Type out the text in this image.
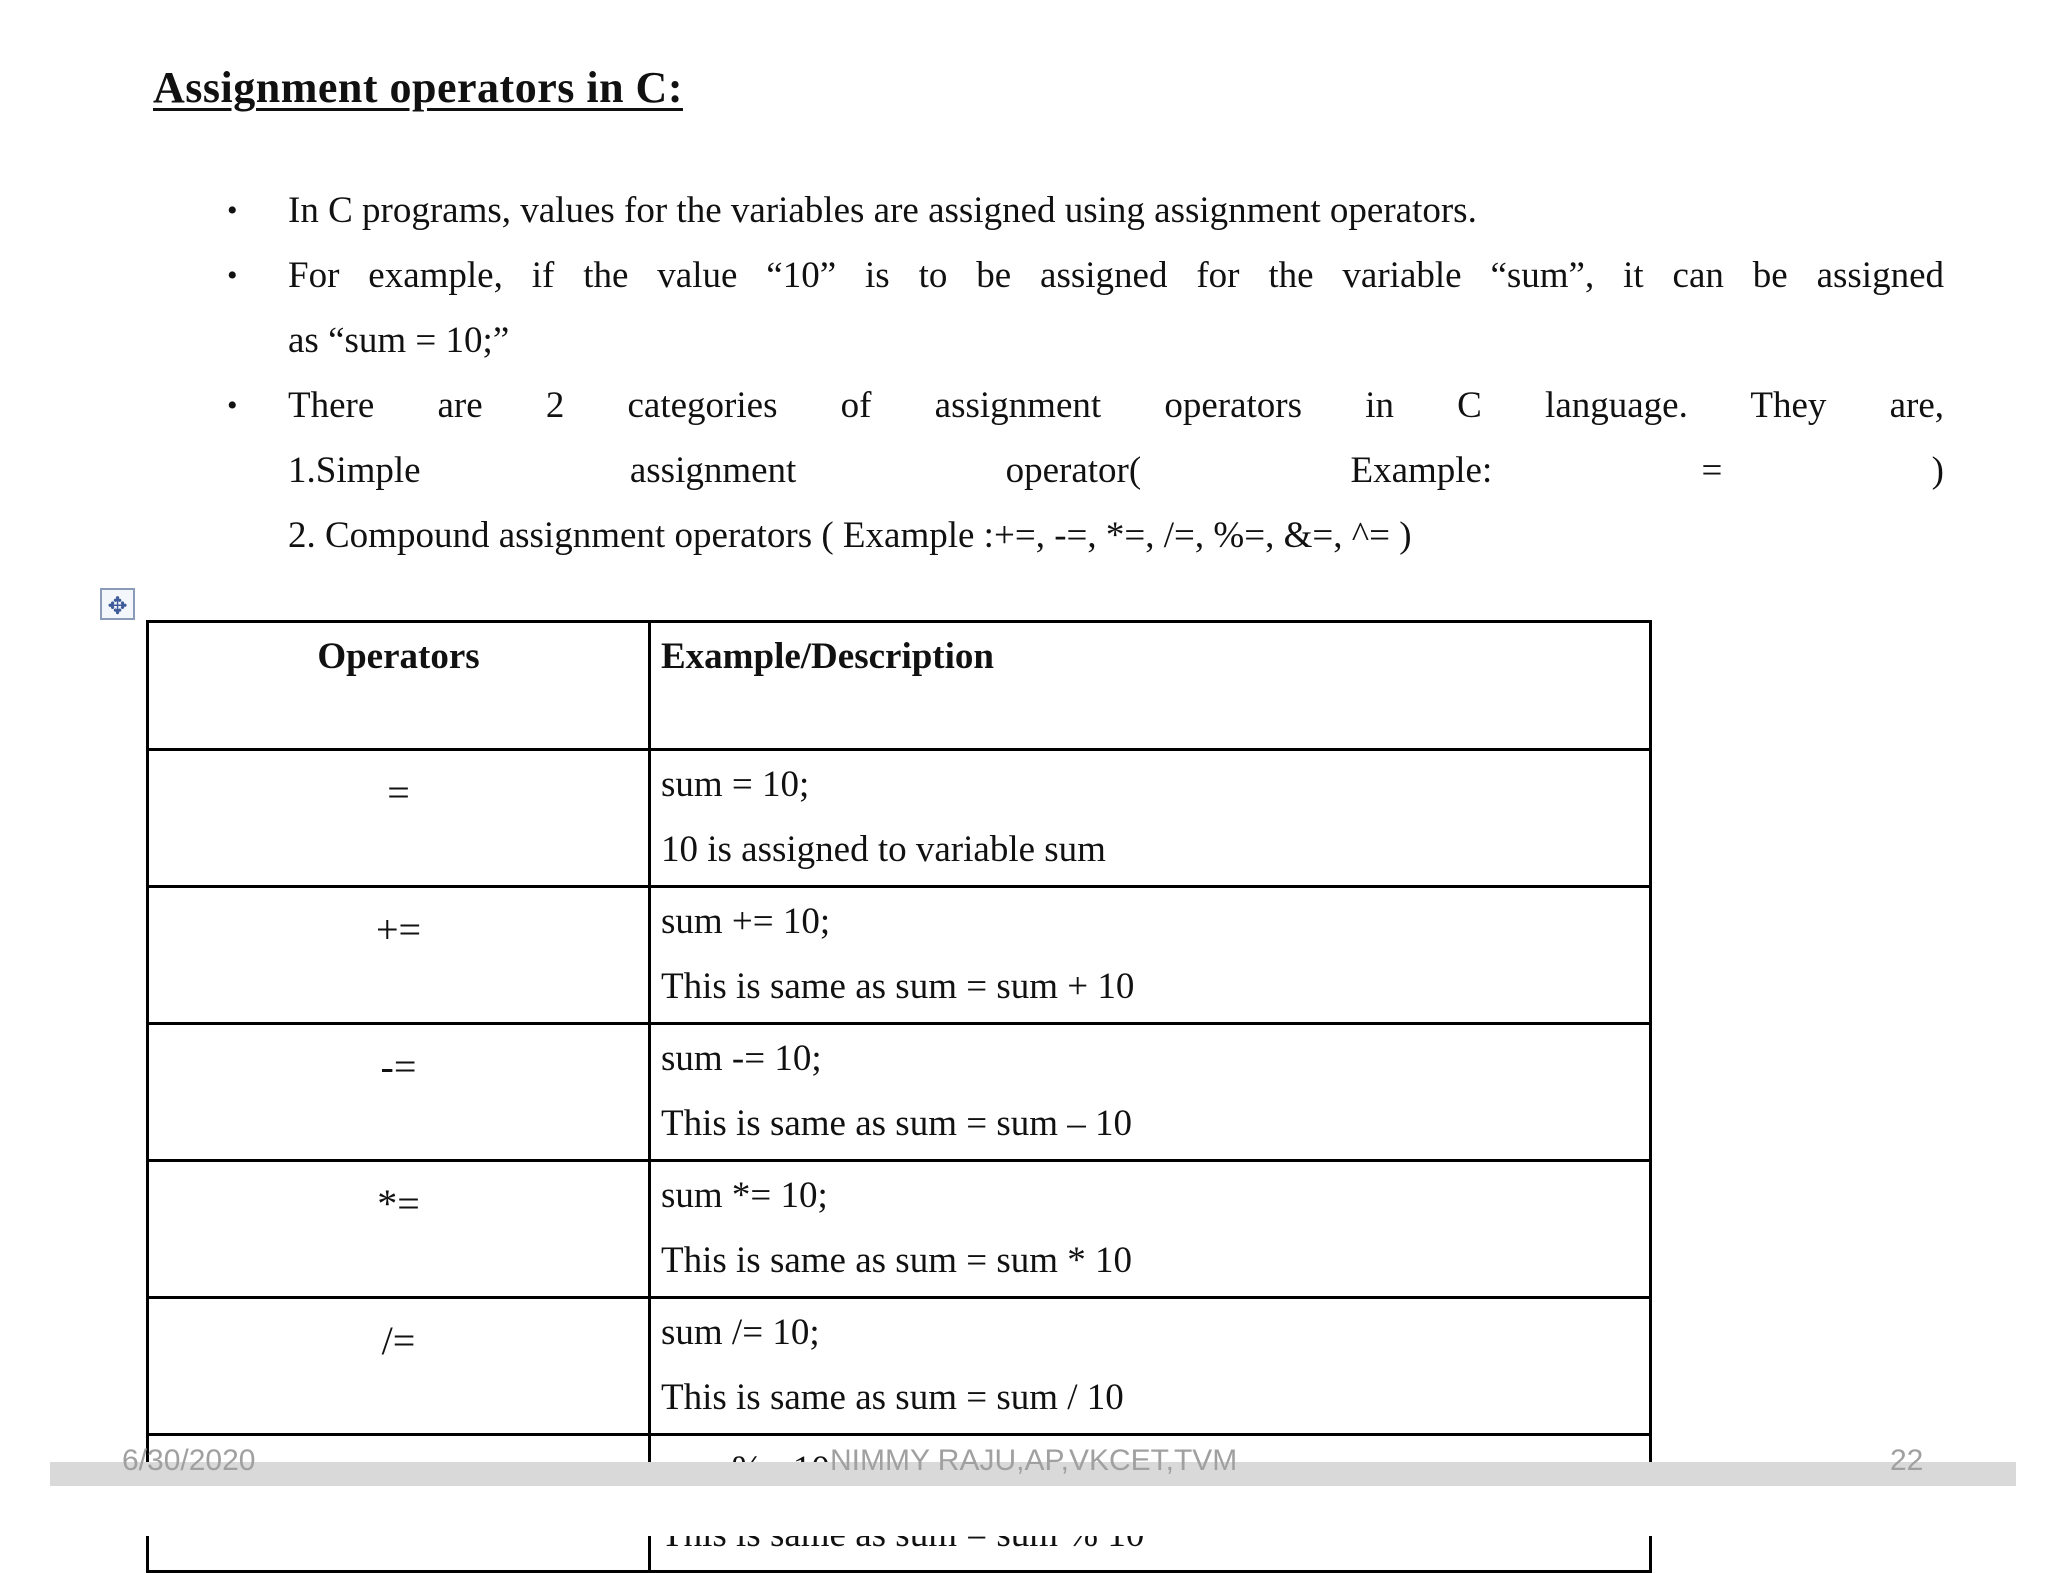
Assignment operators in C:
• In C programs, values for the variables are assigned using assignment operators.
• For example, if the value “10” is to be assigned for the variable “sum”, it can be assigned
as “sum = 10;”
• There are 2 categories of assignment operators in C language. They are,
1.Simple	assignment	operator(	Example:	=	)
2. Compound assignment operators ( Example :+=, -=, *=, /=, %=, &=, ^= )
✥
Operators	Example/Description
=	sum = 10;
10 is assigned to variable sum

+=	sum += 10;
This is same as sum = sum + 10

-=	sum -= 10;
This is same as sum = sum – 10

*=	sum *= 10;
This is same as sum = sum * 10

/=	sum /= 10;
This is same as sum = sum / 10

6/30/2020	NIMMY RAJU,AP,VKCET,TVM	22
